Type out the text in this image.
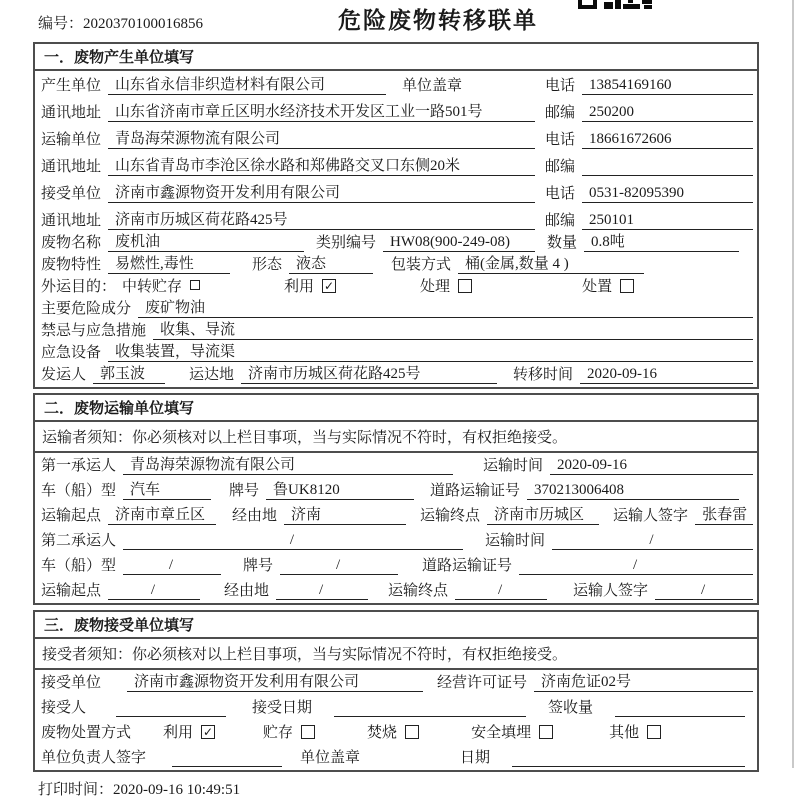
编号：2020370100016856	危险废物转移联单
一．废物产生单位填写
产生单位 山东省永信非织造材料有限公司	单位盖章	电话 13854169160
通讯地址 山东省济南市章丘区明水经济技术开发区工业一路501号	邮编 250200
运输单位 青岛海荣源物流有限公司	电话 18661672606
通讯地址 山东省青岛市李沧区徐水路和郑佛路交叉口东侧20米	邮编
接受单位 济南市鑫源物资开发利用有限公司	电话 0531-82095390
通讯地址 济南市历城区荷花路425号	邮编 250101
废物名称 废机油	类别编号 HW08(900-249-08)	数量 0.8吨
废物特性 易燃性,毒性	形态 液态	包装方式 桶(金属,数量 4 )
外运目的： 中转贮存	利用 ✓	处理	处置
主要危险成分 废矿物油
禁忌与应急措施 收集、导流
应急设备 收集装置，导流渠
发运人 郭玉波	运达地 济南市历城区荷花路425号	转移时间 2020-09-16
二．废物运输单位填写
运输者须知：你必须核对以上栏目事项，当与实际情况不符时，有权拒绝接受。
第一承运人 青岛海荣源物流有限公司	运输时间 2020-09-16
车（船）型 汽车	牌号 鲁UK8120	道路运输证号 370213006408
运输起点 济南市章丘区	经由地 济南	运输终点 济南市历城区	运输人签字 张春雷
第二承运人	/	运输时间	/
车（船）型	/	牌号	/	道路运输证号	/
运输起点	/	经由地	/	运输终点	/	运输人签字	/
三．废物接受单位填写
接受者须知：你必须核对以上栏目事项，当与实际情况不符时，有权拒绝接受。
接受单位	济南市鑫源物资开发利用有限公司	经营许可证号 济南危证02号
接受人	接受日期	签收量
废物处置方式 利用 ✓	贮存	焚烧	安全填埋	其他
单位负责人签字	单位盖章	日期
打印时间：2020-09-16 10:49:51
